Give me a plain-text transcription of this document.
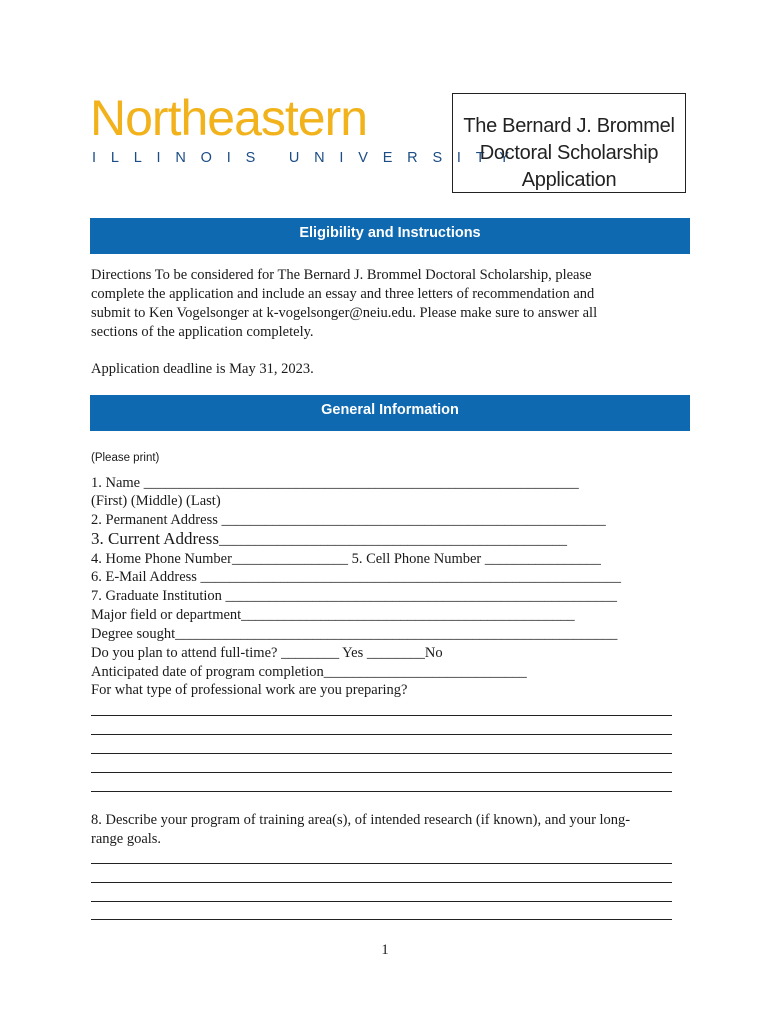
Northeastern
ILLINOIS UNIVERSITY
The Bernard J. Brommel
Doctoral Scholarship
Application
Eligibility and Instructions
Directions To be considered for The Bernard J. Brommel Doctoral Scholarship, please
complete the application and include an essay and three letters of recommendation and
submit to Ken Vogelsonger at k-vogelsonger@neiu.edu. Please make sure to answer all
sections of the application completely.
Application deadline is May 31, 2023.
General Information
(Please print)
1. Name ____________________________________________________________
(First) (Middle) (Last)
2. Permanent Address _____________________________________________________
3. Current Address________________________________________________
4. Home Phone Number________________ 5. Cell Phone Number ________________
6. E-Mail Address __________________________________________________________
7. Graduate Institution ______________________________________________________
Major field or department______________________________________________
Degree sought_____________________________________________________________
Do you plan to attend full-time? ________ Yes ________No
Anticipated date of program completion____________________________
For what type of professional work are you preparing?
8. Describe your program of training area(s), of intended research (if known), and your long-
range goals.
1
